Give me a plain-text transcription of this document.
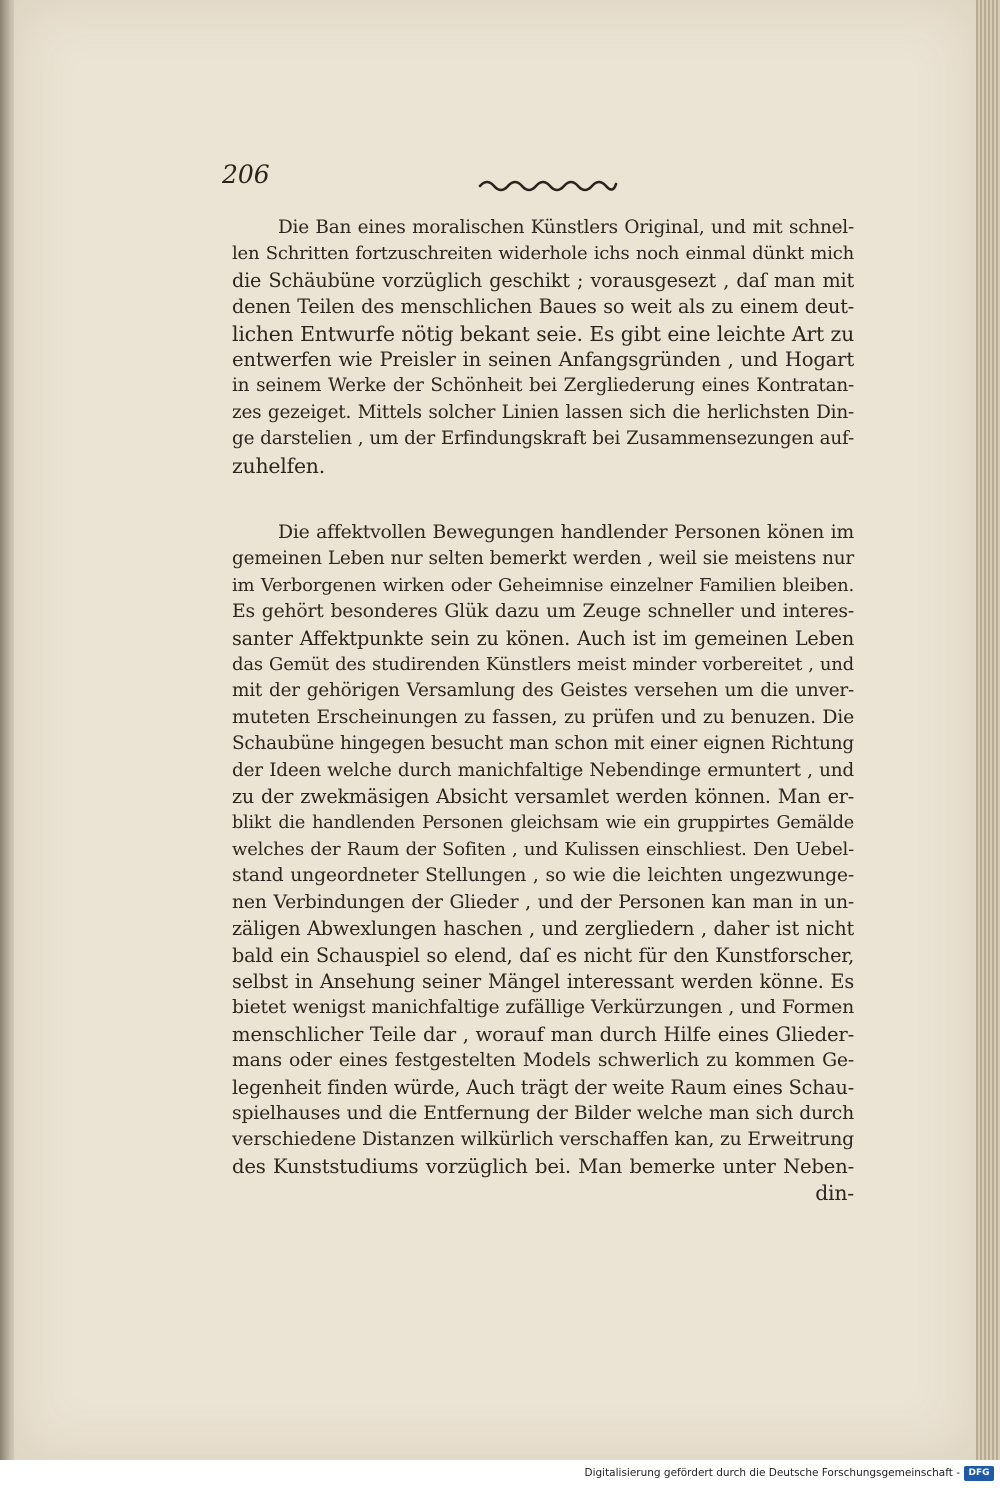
206
Die Ban eines moralischen Künstlers Original, und mit schnel-
len Schritten fortzuschreiten widerhole ichs noch einmal dünkt mich
die Schäubüne vorzüglich geschikt ; vorausgesezt , daſ man mit
denen Teilen des menschlichen Baues so weit als zu einem deut-
lichen Entwurfe nötig bekant seie. Es gibt eine leichte Art zu
entwerfen wie Preisler in seinen Anfangsgründen , und Hogart
in seinem Werke der Schönheit bei Zergliederung eines Kontratan-
zes gezeiget. Mittels solcher Linien lassen sich die herlichsten Din-
ge darstelien , um der Erfindungskraft bei Zusammensezungen auf-
zuhelfen.
Die affektvollen Bewegungen handlender Personen könen im
gemeinen Leben nur selten bemerkt werden , weil sie meistens nur
im Verborgenen wirken oder Geheimnise einzelner Familien bleiben.
Es gehört besonderes Glük dazu um Zeuge schneller und interes-
santer Affektpunkte sein zu könen. Auch ist im gemeinen Leben
das Gemüt des studirenden Künstlers meist minder vorbereitet , und
mit der gehörigen Versamlung des Geistes versehen um die unver-
muteten Erscheinungen zu fassen, zu prüfen und zu benuzen. Die
Schaubüne hingegen besucht man schon mit einer eignen Richtung
der Ideen welche durch manichfaltige Nebendinge ermuntert , und
zu der zwekmäsigen Absicht versamlet werden können. Man er-
blikt die handlenden Personen gleichsam wie ein gruppirtes Gemälde
welches der Raum der Sofiten , und Kulissen einschliest. Den Uebel-
stand ungeordneter Stellungen , so wie die leichten ungezwunge-
nen Verbindungen der Glieder , und der Personen kan man in un-
zäligen Abwexlungen haschen , und zergliedern , daher ist nicht
bald ein Schauspiel so elend, daſ es nicht für den Kunstforscher,
selbst in Ansehung seiner Mängel interessant werden könne. Es
bietet wenigst manichfaltige zufällige Verkürzungen , und Formen
menschlicher Teile dar , worauf man durch Hilfe eines Glieder-
mans oder eines festgestelten Models schwerlich zu kommen Ge-
legenheit finden würde, Auch trägt der weite Raum eines Schau-
spielhauses und die Entfernung der Bilder welche man sich durch
verschiedene Distanzen wilkürlich verschaffen kan, zu Erweitrung
des Kunststudiums vorzüglich bei. Man bemerke unter Neben-
din-
Digitalisierung gefördert durch die Deutsche Forschungsgemeinschaft - DFG
